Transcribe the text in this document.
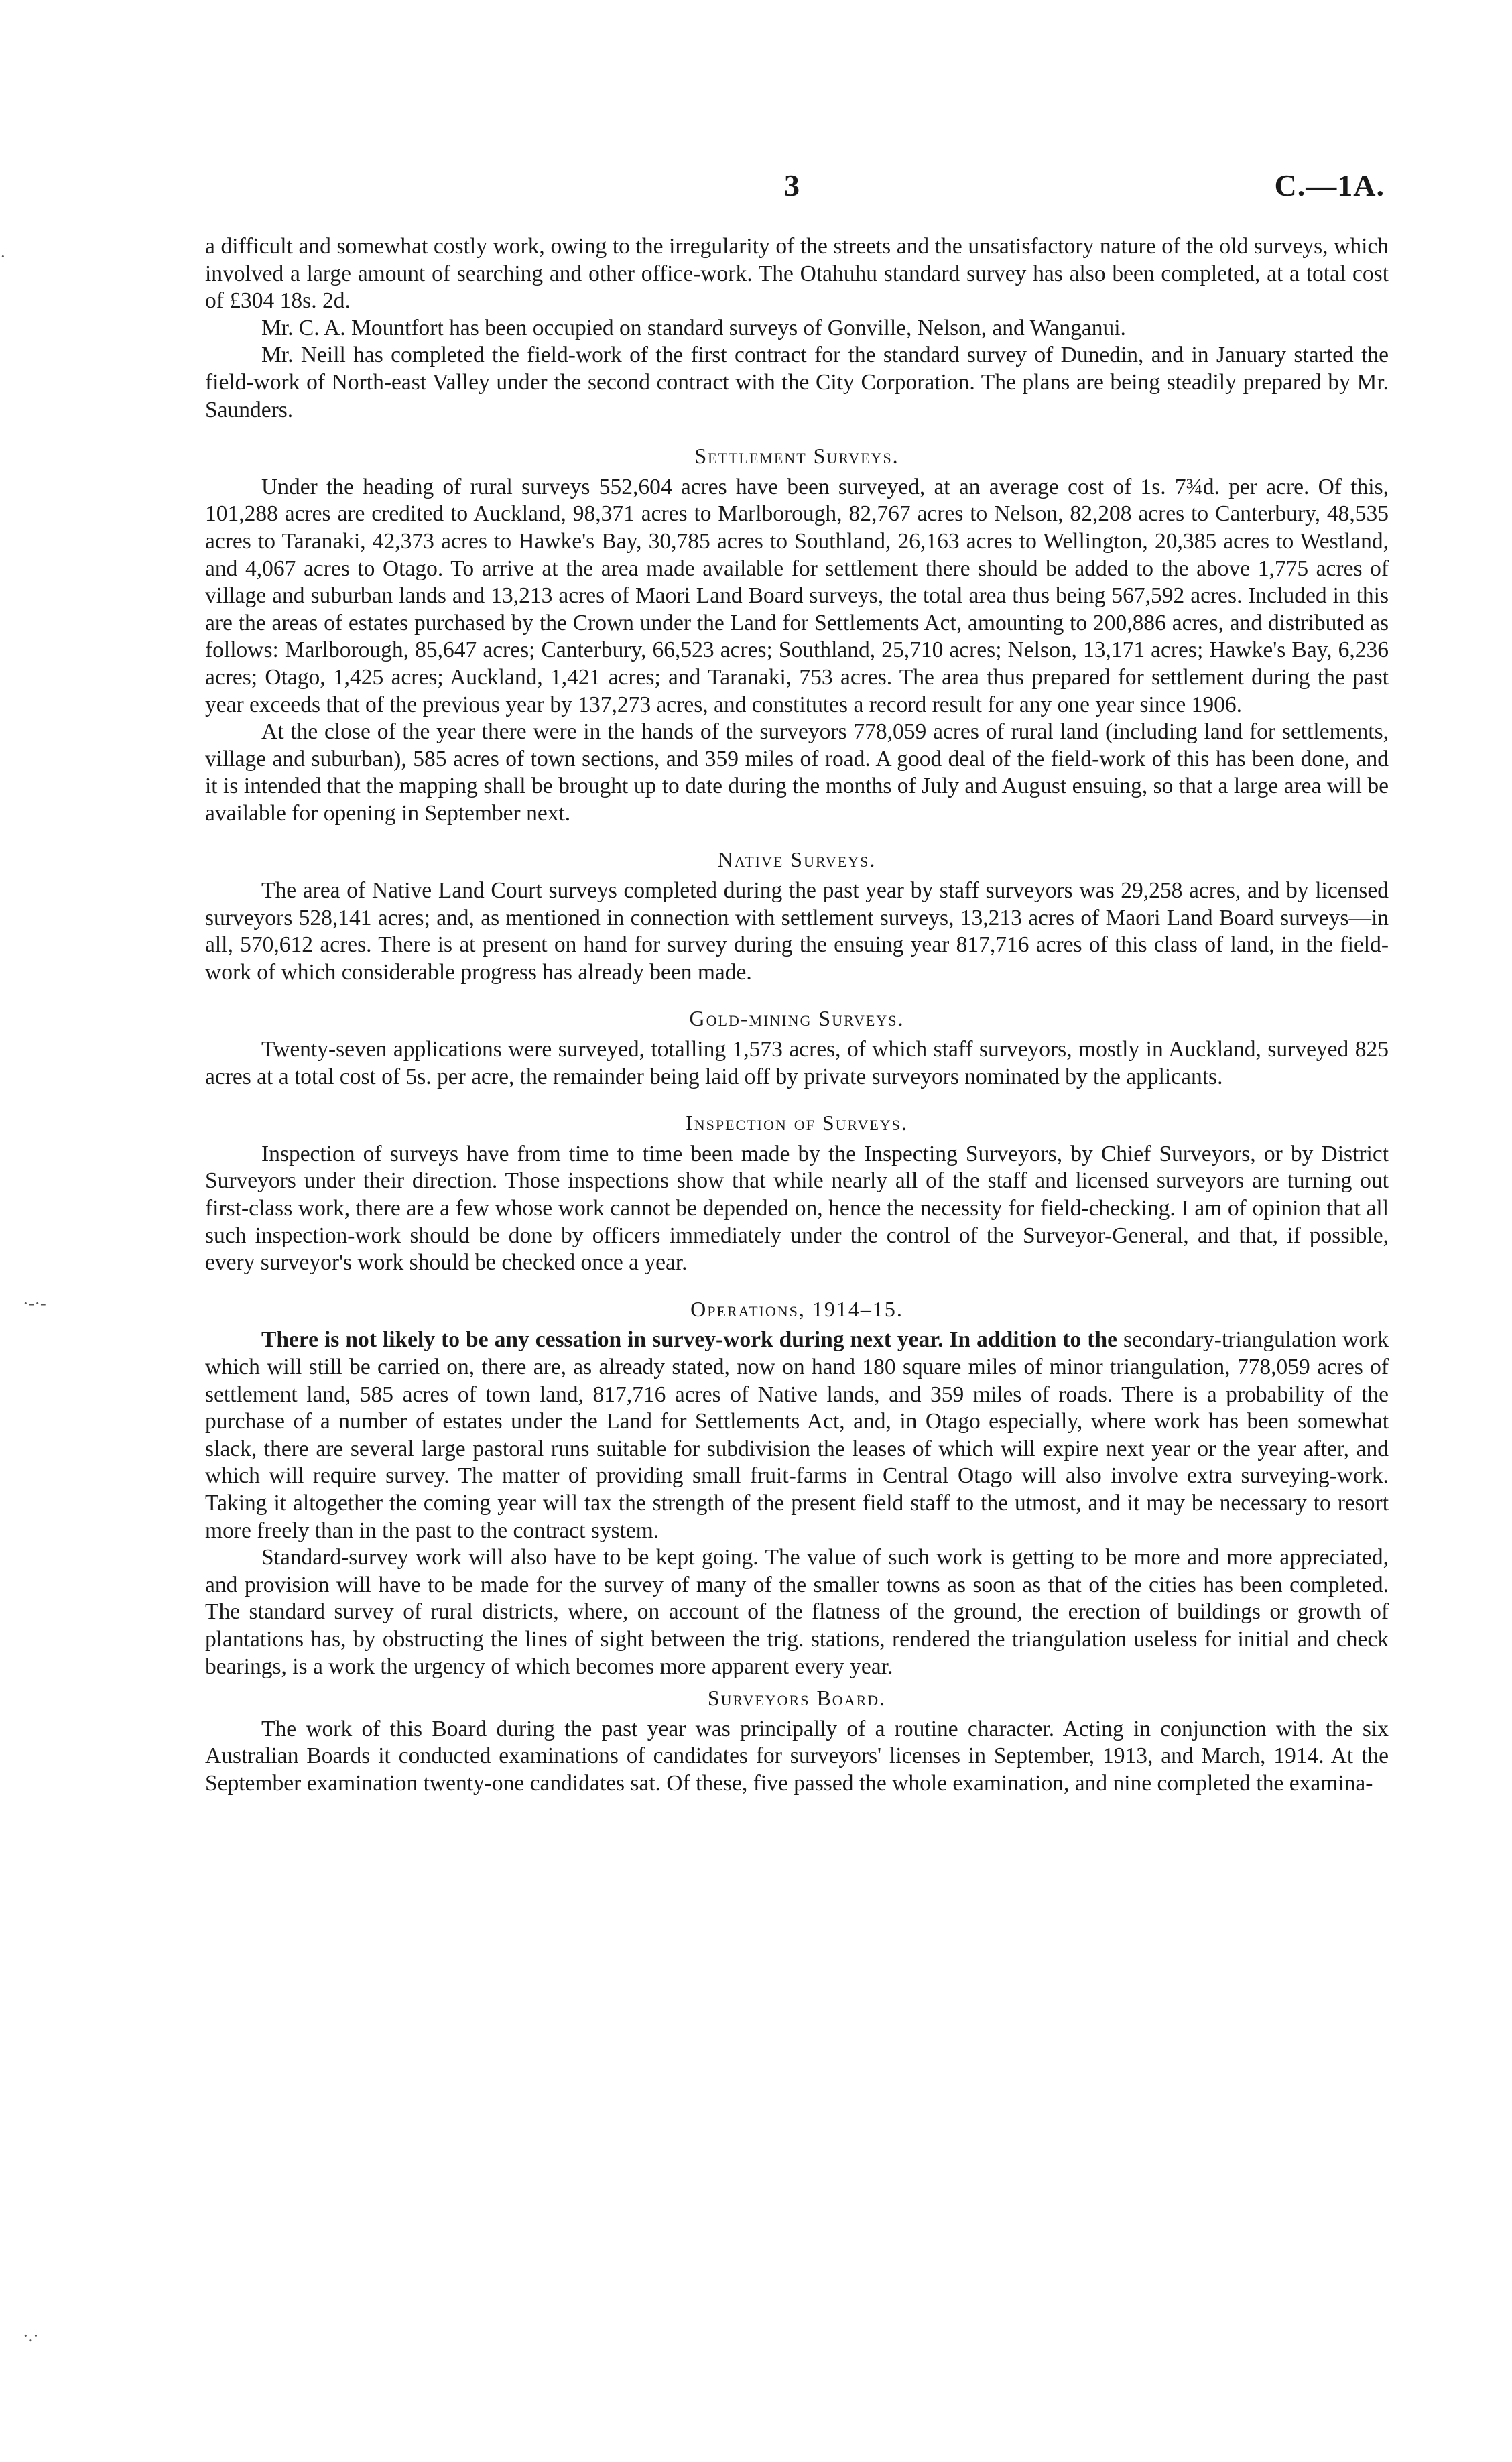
3	C.—1A.
·
·-·-
·.·

a difficult and somewhat costly work, owing to the irregularity of the streets and the unsatisfactory nature of the old surveys, which involved a large amount of searching and other office-work. The Otahuhu standard survey has also been completed, at a total cost of £304 18s. 2d.

Mr. C. A. Mountfort has been occupied on standard surveys of Gonville, Nelson, and Wanganui.

Mr. Neill has completed the field-work of the first contract for the standard survey of Dunedin, and in January started the field-work of North-east Valley under the second contract with the City Corporation. The plans are being steadily prepared by Mr. Saunders.

Settlement Surveys.

Under the heading of rural surveys 552,604 acres have been surveyed, at an average cost of 1s. 7¾d. per acre. Of this, 101,288 acres are credited to Auckland, 98,371 acres to Marlborough, 82,767 acres to Nelson, 82,208 acres to Canterbury, 48,535 acres to Taranaki, 42,373 acres to Hawke's Bay, 30,785 acres to Southland, 26,163 acres to Wellington, 20,385 acres to Westland, and 4,067 acres to Otago. To arrive at the area made available for settlement there should be added to the above 1,775 acres of village and suburban lands and 13,213 acres of Maori Land Board surveys, the total area thus being 567,592 acres. Included in this are the areas of estates purchased by the Crown under the Land for Settlements Act, amounting to 200,886 acres, and distributed as follows: Marlborough, 85,647 acres; Canterbury, 66,523 acres; Southland, 25,710 acres; Nelson, 13,171 acres; Hawke's Bay, 6,236 acres; Otago, 1,425 acres; Auckland, 1,421 acres; and Taranaki, 753 acres. The area thus prepared for settlement during the past year exceeds that of the previous year by 137,273 acres, and constitutes a record result for any one year since 1906.

At the close of the year there were in the hands of the surveyors 778,059 acres of rural land (including land for settlements, village and suburban), 585 acres of town sections, and 359 miles of road. A good deal of the field-work of this has been done, and it is intended that the mapping shall be brought up to date during the months of July and August ensuing, so that a large area will be available for opening in September next.

Native Surveys.

The area of Native Land Court surveys completed during the past year by staff surveyors was 29,258 acres, and by licensed surveyors 528,141 acres; and, as mentioned in connection with settlement surveys, 13,213 acres of Maori Land Board surveys—in all, 570,612 acres. There is at present on hand for survey during the ensuing year 817,716 acres of this class of land, in the field-work of which considerable progress has already been made.

Gold-mining Surveys.

Twenty-seven applications were surveyed, totalling 1,573 acres, of which staff surveyors, mostly in Auckland, surveyed 825 acres at a total cost of 5s. per acre, the remainder being laid off by private surveyors nominated by the applicants.

Inspection of Surveys.

Inspection of surveys have from time to time been made by the Inspecting Surveyors, by Chief Surveyors, or by District Surveyors under their direction. Those inspections show that while nearly all of the staff and licensed surveyors are turning out first-class work, there are a few whose work cannot be depended on, hence the necessity for field-checking. I am of opinion that all such inspection-work should be done by officers immediately under the control of the Surveyor-General, and that, if possible, every surveyor's work should be checked once a year.

Operations, 1914–15.

There is not likely to be any cessation in survey-work during next year. In addition to the secondary-triangulation work which will still be carried on, there are, as already stated, now on hand 180 square miles of minor triangulation, 778,059 acres of settlement land, 585 acres of town land, 817,716 acres of Native lands, and 359 miles of roads. There is a probability of the purchase of a number of estates under the Land for Settlements Act, and, in Otago especially, where work has been somewhat slack, there are several large pastoral runs suitable for subdivision the leases of which will expire next year or the year after, and which will require survey. The matter of providing small fruit-farms in Central Otago will also involve extra surveying-work. Taking it altogether the coming year will tax the strength of the present field staff to the utmost, and it may be necessary to resort more freely than in the past to the contract system.

Standard-survey work will also have to be kept going. The value of such work is getting to be more and more appreciated, and provision will have to be made for the survey of many of the smaller towns as soon as that of the cities has been completed. The standard survey of rural districts, where, on account of the flatness of the ground, the erection of buildings or growth of plantations has, by obstructing the lines of sight between the trig. stations, rendered the triangulation useless for initial and check bearings, is a work the urgency of which becomes more apparent every year.

Surveyors Board.

The work of this Board during the past year was principally of a routine character. Acting in conjunction with the six Australian Boards it conducted examinations of candidates for surveyors' licenses in September, 1913, and March, 1914. At the September examination twenty-one candidates sat. Of these, five passed the whole examination, and nine completed the examina-
